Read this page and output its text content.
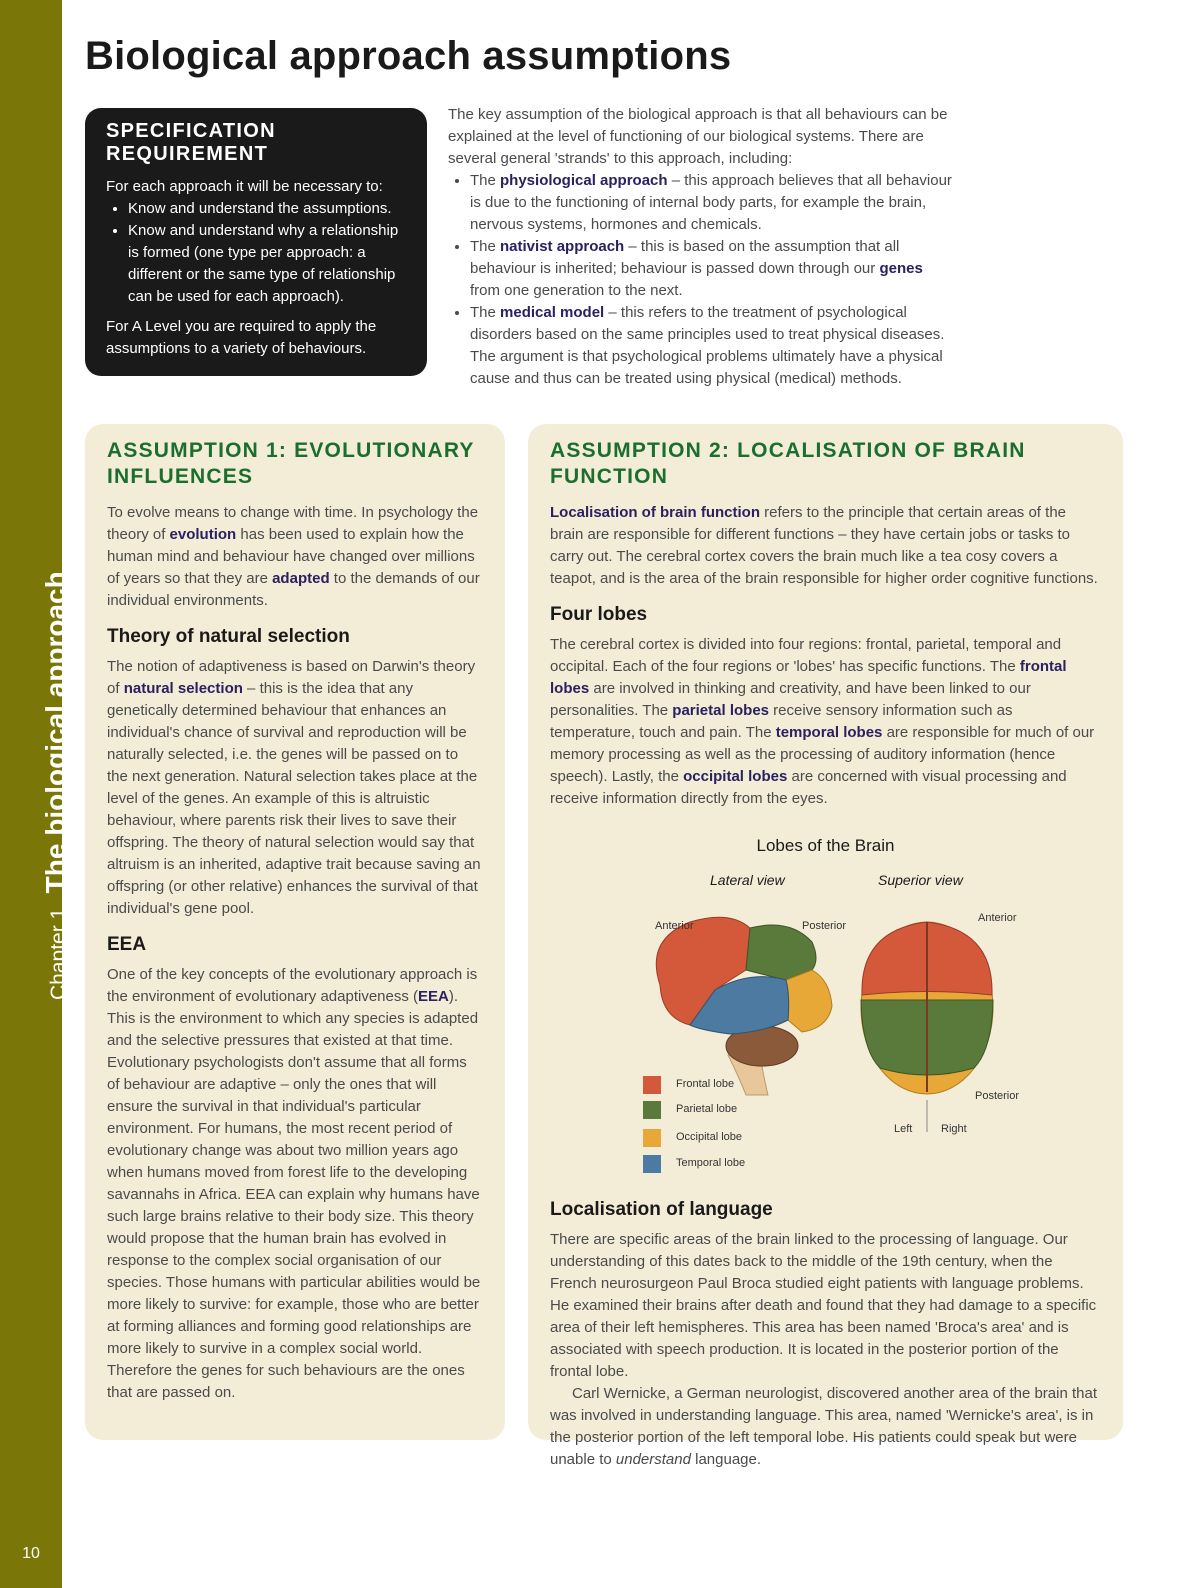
Chapter 1 The biological approach
10
Biological approach assumptions
SPECIFICATION REQUIREMENT

For each approach it will be necessary to:

• Know and understand the assumptions.
• Know and understand why a relationship is formed (one type per approach: a different or the same type of relationship can be used for each approach).

For A Level you are required to apply the assumptions to a variety of behaviours.

The key assumption of the biological approach is that all behaviours can be explained at the level of functioning of our biological systems. There are several general 'strands' to this approach, including:

• The physiological approach – this approach believes that all behaviour is due to the functioning of internal body parts, for example the brain, nervous systems, hormones and chemicals.
• The nativist approach – this is based on the assumption that all behaviour is inherited; behaviour is passed down through our genes from one generation to the next.
• The medical model – this refers to the treatment of psychological disorders based on the same principles used to treat physical diseases. The argument is that psychological problems ultimately have a physical cause and thus can be treated using physical (medical) methods.
ASSUMPTION 1: EVOLUTIONARY INFLUENCES

To evolve means to change with time. In psychology the theory of evolution has been used to explain how the human mind and behaviour have changed over millions of years so that they are adapted to the demands of our individual environments.

Theory of natural selection

The notion of adaptiveness is based on Darwin's theory of natural selection – this is the idea that any genetically determined behaviour that enhances an individual's chance of survival and reproduction will be naturally selected, i.e. the genes will be passed on to the next generation. Natural selection takes place at the level of the genes. An example of this is altruistic behaviour, where parents risk their lives to save their offspring. The theory of natural selection would say that altruism is an inherited, adaptive trait because saving an offspring (or other relative) enhances the survival of that individual's gene pool.

EEA

One of the key concepts of the evolutionary approach is the environment of evolutionary adaptiveness (EEA). This is the environment to which any species is adapted and the selective pressures that existed at that time. Evolutionary psychologists don't assume that all forms of behaviour are adaptive – only the ones that will ensure the survival in that individual's particular environment. For humans, the most recent period of evolutionary change was about two million years ago when humans moved from forest life to the developing savannahs in Africa. EEA can explain why humans have such large brains relative to their body size. This theory would propose that the human brain has evolved in response to the complex social organisation of our species. Those humans with particular abilities would be more likely to survive: for example, those who are better at forming alliances and forming good relationships are more likely to survive in a complex social world. Therefore the genes for such behaviours are the ones that are passed on.

ASSUMPTION 2: LOCALISATION OF BRAIN FUNCTION

Localisation of brain function refers to the principle that certain areas of the brain are responsible for different functions – they have certain jobs or tasks to carry out. The cerebral cortex covers the brain much like a tea cosy covers a teapot, and is the area of the brain responsible for higher order cognitive functions.

Four lobes

The cerebral cortex is divided into four regions: frontal, parietal, temporal and occipital. Each of the four regions or 'lobes' has specific functions. The frontal lobes are involved in thinking and creativity, and have been linked to our personalities. The parietal lobes receive sensory information such as temperature, touch and pain. The temporal lobes are responsible for much of our memory processing as well as the processing of auditory information (hence speech). Lastly, the occipital lobes are concerned with visual processing and receive information directly from the eyes.

Lobes of the Brain
Lateral view	Superior view
Anterior	Posterior
Anterior
Posterior
Left	Right
Frontal lobe
Parietal lobe
Occipital lobe
Temporal lobe
Localisation of language

There are specific areas of the brain linked to the processing of language. Our understanding of this dates back to the middle of the 19th century, when the French neurosurgeon Paul Broca studied eight patients with language problems. He examined their brains after death and found that they had damage to a specific area of their left hemispheres. This area has been named 'Broca's area' and is associated with speech production. It is located in the posterior portion of the frontal lobe.

Carl Wernicke, a German neurologist, discovered another area of the brain that was involved in understanding language. This area, named 'Wernicke's area', is in the posterior portion of the left temporal lobe. His patients could speak but were unable to understand language.
